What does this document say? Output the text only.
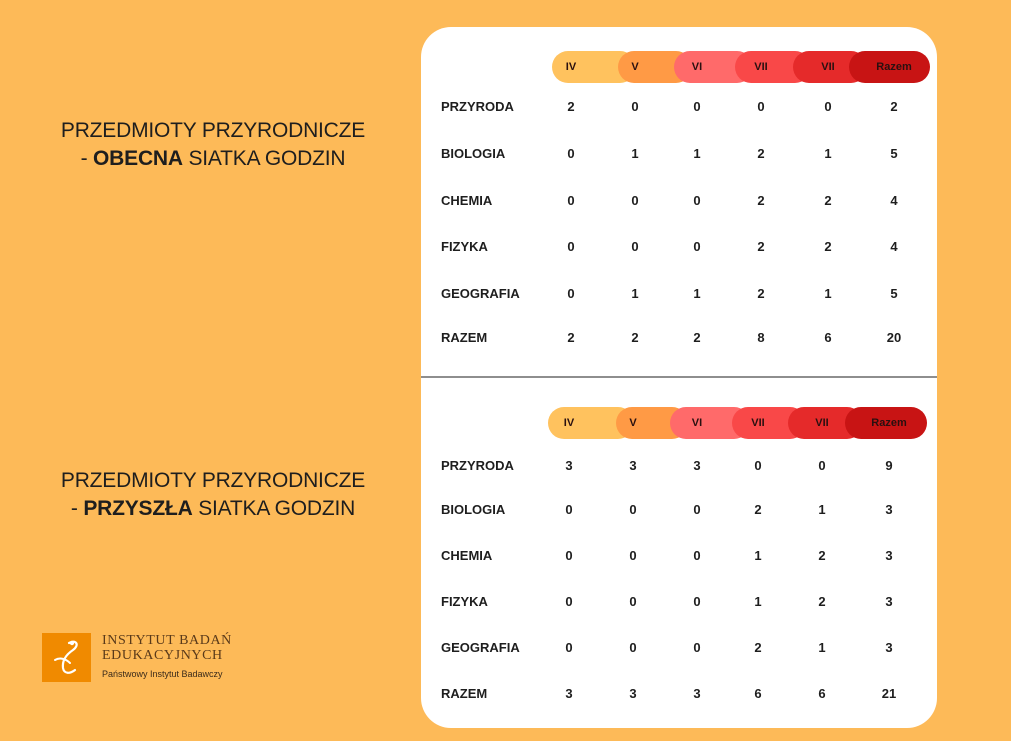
PRZEDMIOTY PRZYRODNICZE
- OBECNA SIATKA GODZIN
PRZEDMIOTY PRZYRODNICZE
- PRZYSZŁA SIATKA GODZIN
IV	V	VI	VII	VII	Razem
PRZYRODA	2	0	0	0	0	2
BIOLOGIA	0	1	1	2	1	5
CHEMIA	0	0	0	2	2	4
FIZYKA	0	0	0	2	2	4
GEOGRAFIA	0	1	1	2	1	5
RAZEM	2	2	2	8	6	20
IV	V	VI	VII	VII	Razem
PRZYRODA	3	3	3	0	0	9
BIOLOGIA	0	0	0	2	1	3
CHEMIA	0	0	0	1	2	3
FIZYKA	0	0	0	1	2	3
GEOGRAFIA	0	0	0	2	1	3
RAZEM	3	3	3	6	6	21
INSTYTUT BADAŃ
EDUKACYJNYCH
Państwowy Instytut Badawczy
